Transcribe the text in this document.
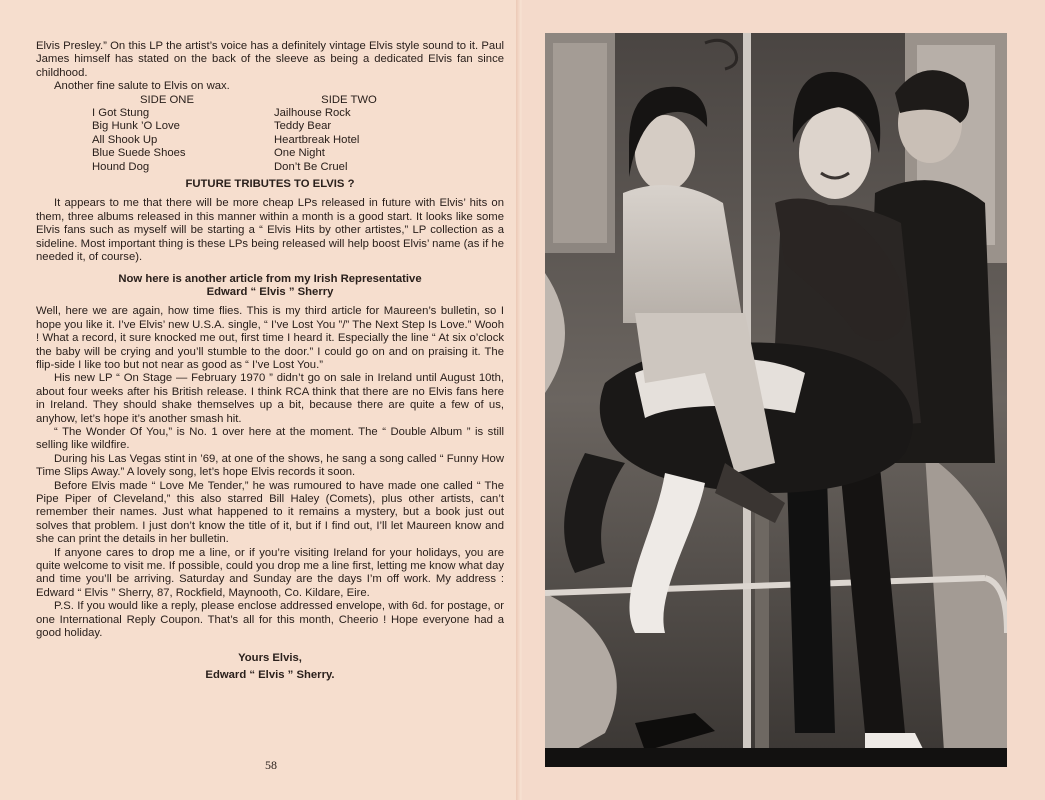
Elvis Presley.” On this LP the artist’s voice has a definitely vintage Elvis style sound to it. Paul James himself has stated on the back of the sleeve as being a dedicated Elvis fan since childhood.

Another fine salute to Elvis on wax.

SIDE ONE
I Got Stung
Big Hunk ’O Love
All Shook Up
Blue Suede Shoes
Hound Dog
SIDE TWO
Jailhouse Rock
Teddy Bear
Heartbreak Hotel
One Night
Don’t Be Cruel
FUTURE TRIBUTES TO ELVIS ?

It appears to me that there will be more cheap LPs released in future with Elvis’ hits on them, three albums released in this manner within a month is a good start. It looks like some Elvis fans such as myself will be starting a “ Elvis Hits by other artistes,” LP collection as a sideline. Most important thing is these LPs being released will help boost Elvis’ name (as if he needed it, of course).

Now here is another article from my Irish Representative
Edward “ Elvis ” Sherry

Well, here we are again, how time flies. This is my third article for Maureen’s bulletin, so I hope you like it. I’ve Elvis’ new U.S.A. single, “ I’ve Lost You ”/” The Next Step Is Love.” Wooh ! What a record, it sure knocked me out, first time I heard it. Especially the line “ At six o’clock the baby will be crying and you’ll stumble to the door.” I could go on and on praising it. The flip-side I like too but not near as good as “ I’ve Lost You.”

His new LP “ On Stage — February 1970 ” didn’t go on sale in Ireland until August 10th, about four weeks after his British release. I think RCA think that there are no Elvis fans here in Ireland. They should shake themselves up a bit, because there are quite a few of us, anyhow, let’s hope it’s another smash hit.

“ The Wonder Of You,” is No. 1 over here at the moment. The “ Double Album ” is still selling like wildfire.

During his Las Vegas stint in ’69, at one of the shows, he sang a song called “ Funny How Time Slips Away.” A lovely song, let’s hope Elvis records it soon.

Before Elvis made “ Love Me Tender,” he was rumoured to have made one called “ The Pipe Piper of Cleveland,” this also starred Bill Haley (Comets), plus other artists, can’t remember their names. Just what happened to it remains a mystery, but a book just out solves that problem. I just don’t know the title of it, but if I find out, I’ll let Maureen know and she can print the details in her bulletin.

If anyone cares to drop me a line, or if you’re visiting Ireland for your holidays, you are quite welcome to visit me. If possible, could you drop me a line first, letting me know what day and time you’ll be arriving. Saturday and Sunday are the days I’m off work. My address : Edward “ Elvis ” Sherry, 87, Rockfield, Maynooth, Co. Kildare, Eire.

P.S. If you would like a reply, please enclose addressed envelope, with 6d. for postage, or one International Reply Coupon. That’s all for this month, Cheerio ! Hope everyone had a good holiday.

Yours Elvis,
Edward “ Elvis ” Sherry.
58
